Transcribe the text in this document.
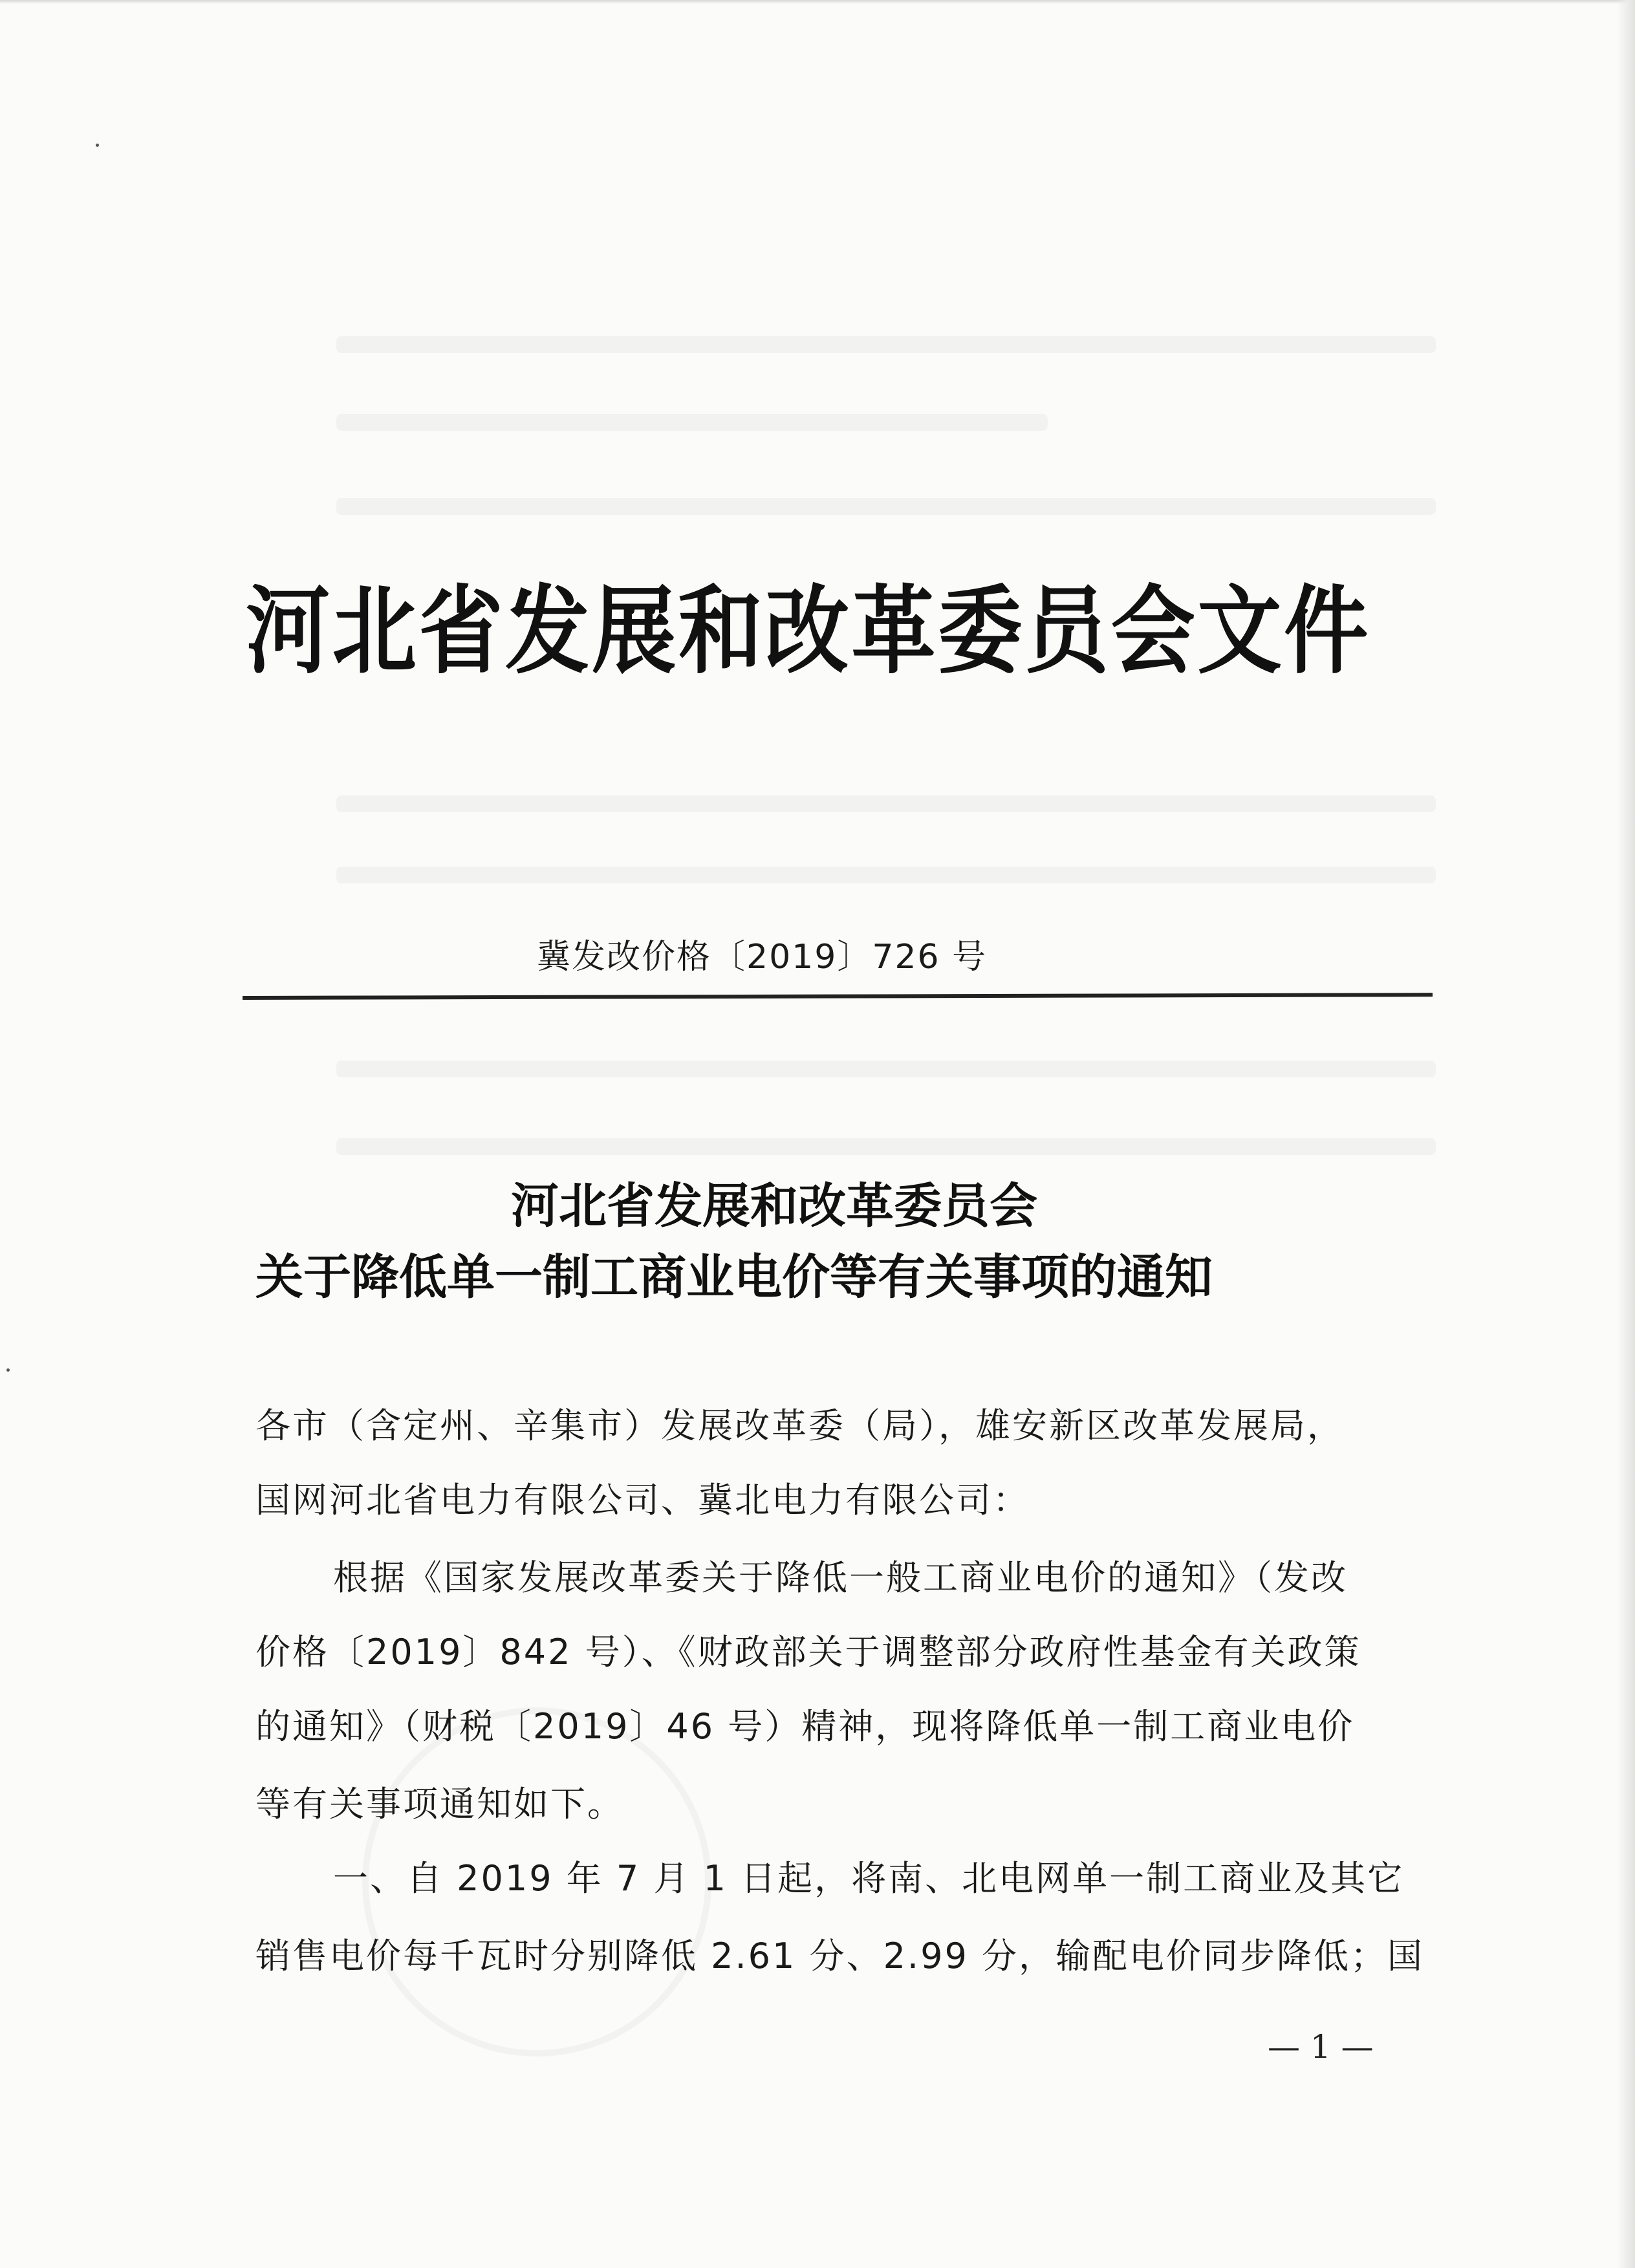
河北省发展和改革委员会文件
冀发改价格〔2019〕726 号
河北省发展和改革委员会
关于降低单一制工商业电价等有关事项的通知
各市（含定州、辛集市）发展改革委（局），雄安新区改革发展局，
国网河北省电力有限公司、冀北电力有限公司：
根据《国家发展改革委关于降低一般工商业电价的通知》（发改
价格〔2019〕842 号）、《财政部关于调整部分政府性基金有关政策
的通知》（财税〔2019〕46 号）精神，现将降低单一制工商业电价
等有关事项通知如下。
一、自 2019 年 7 月 1 日起，将南、北电网单一制工商业及其它
销售电价每千瓦时分别降低 2.61 分、2.99 分，输配电价同步降低；国
— 1 —
